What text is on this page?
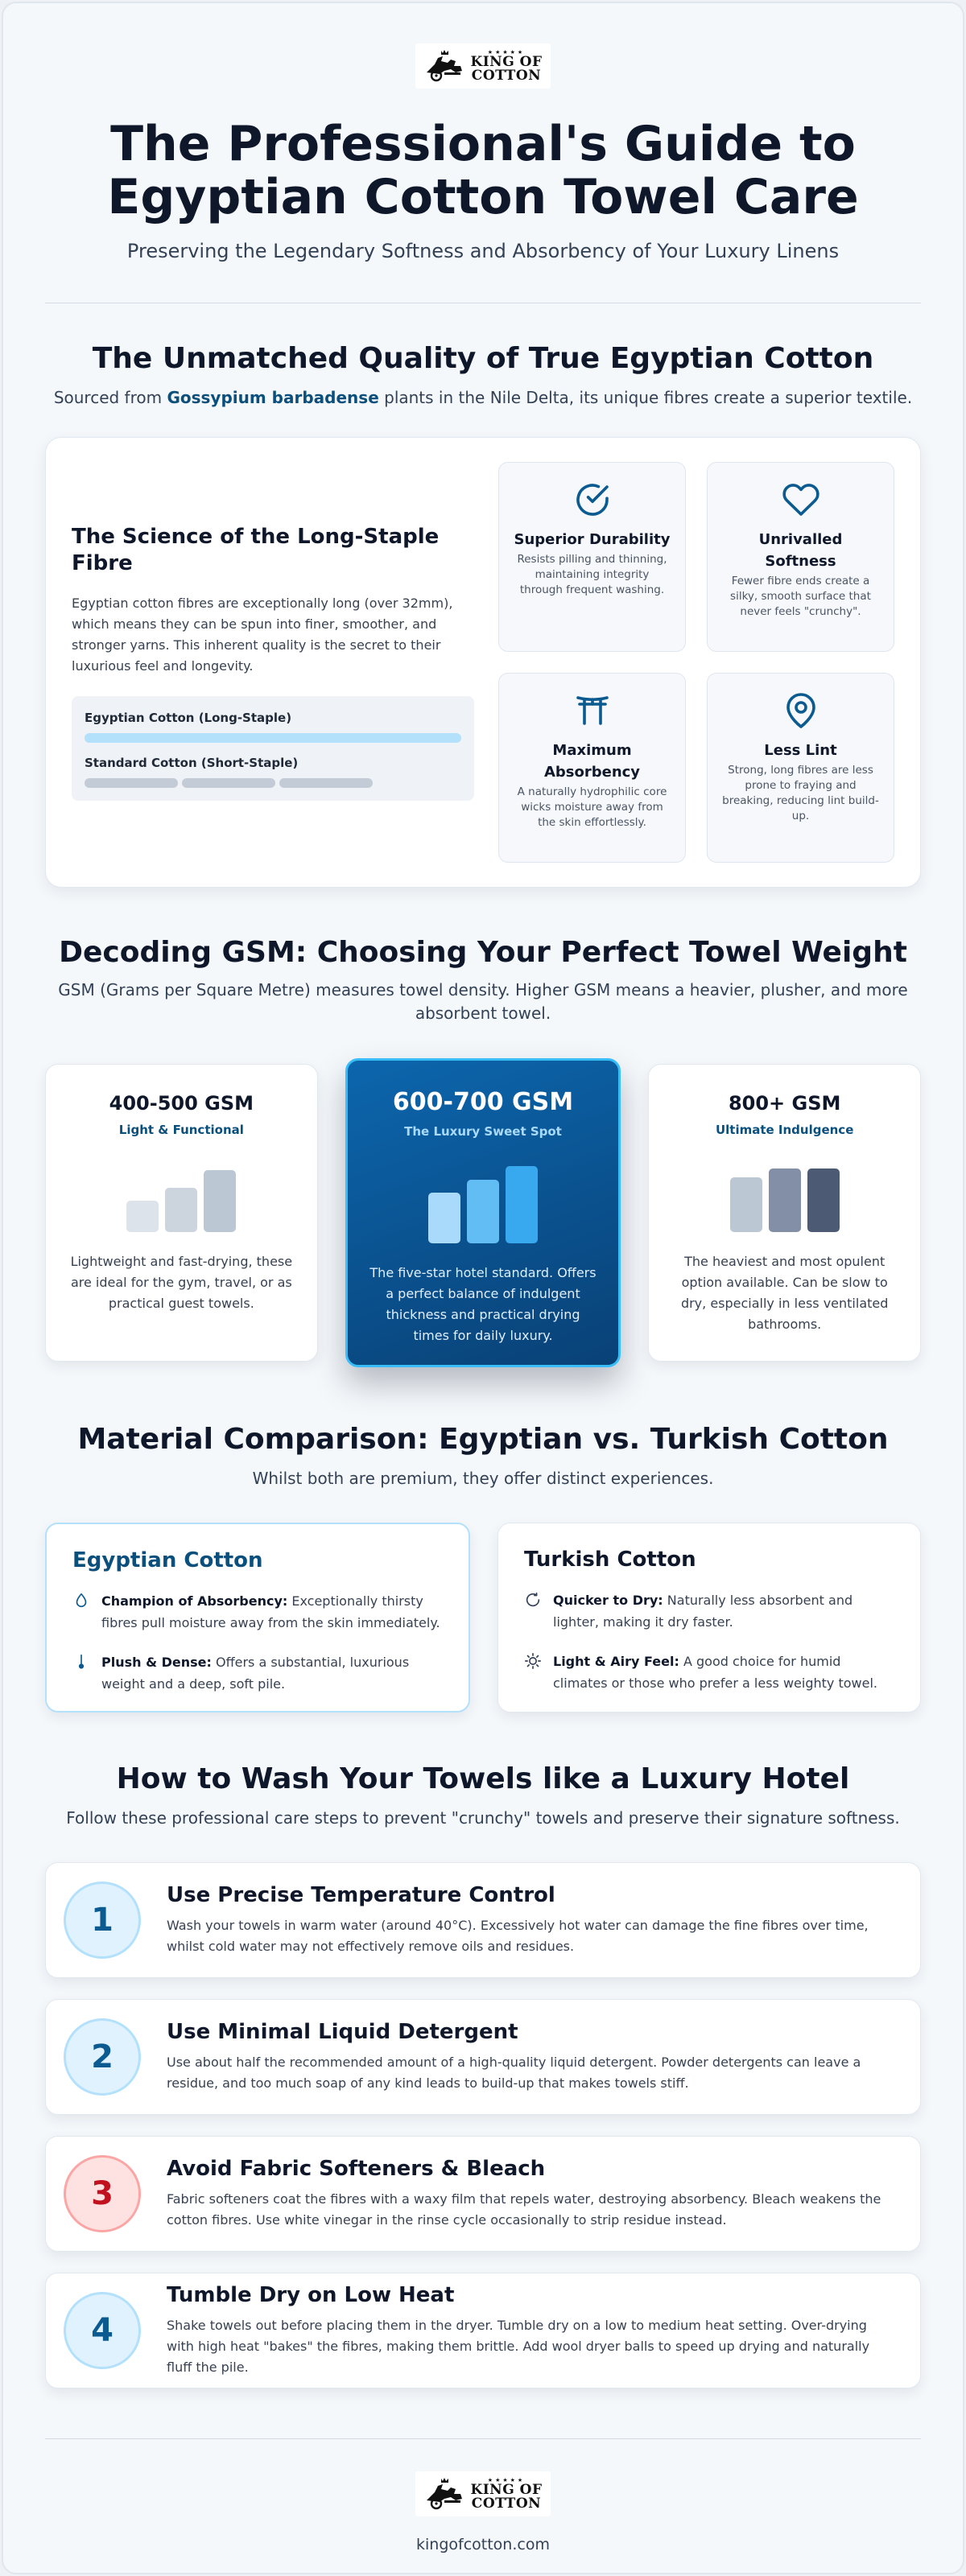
★★★★★
KING OF
COTTON
The Professional's Guide to
Egyptian Cotton Towel Care

Preserving the Legendary Softness and Absorbency of Your Luxury Linens

The Unmatched Quality of True Egyptian Cotton

Sourced from Gossypium barbadense plants in the Nile Delta, its unique fibres create a superior textile.

The Science of the Long-Staple Fibre

Egyptian cotton fibres are exceptionally long (over 32mm), which means they can be spun into finer, smoother, and stronger yarns. This inherent quality is the secret to their luxurious feel and longevity.

Egyptian Cotton (Long-Staple)
Standard Cotton (Short-Staple)
Superior Durability

Resists pilling and thinning, maintaining integrity through frequent washing.

Unrivalled Softness

Fewer fibre ends create a silky, smooth surface that never feels "crunchy".

Maximum Absorbency

A naturally hydrophilic core wicks moisture away from the skin effortlessly.

Less Lint

Strong, long fibres are less prone to fraying and breaking, reducing lint build-up.

Decoding GSM: Choosing Your Perfect Towel Weight

GSM (Grams per Square Metre) measures towel density. Higher GSM means a heavier, plusher, and more absorbent towel.

400-500 GSM
Light & Functional

Lightweight and fast-drying, these are ideal for the gym, travel, or as practical guest towels.

600-700 GSM
The Luxury Sweet Spot

The five-star hotel standard. Offers a perfect balance of indulgent thickness and practical drying times for daily luxury.

800+ GSM
Ultimate Indulgence

The heaviest and most opulent option available. Can be slow to dry, especially in less ventilated bathrooms.

Material Comparison: Egyptian vs. Turkish Cotton

Whilst both are premium, they offer distinct experiences.

Egyptian Cotton
Champion of Absorbency: Exceptionally thirsty fibres pull moisture away from the skin immediately.
Plush & Dense: Offers a substantial, luxurious weight and a deep, soft pile.
Turkish Cotton
Quicker to Dry: Naturally less absorbent and lighter, making it dry faster.
Light & Airy Feel: A good choice for humid climates or those who prefer a less weighty towel.
How to Wash Your Towels like a Luxury Hotel

Follow these professional care steps to prevent "crunchy" towels and preserve their signature softness.

1
Use Precise Temperature Control

Wash your towels in warm water (around 40°C). Excessively hot water can damage the fine fibres over time, whilst cold water may not effectively remove oils and residues.

2
Use Minimal Liquid Detergent

Use about half the recommended amount of a high-quality liquid detergent. Powder detergents can leave a residue, and too much soap of any kind leads to build-up that makes towels stiff.

3
Avoid Fabric Softeners & Bleach

Fabric softeners coat the fibres with a waxy film that repels water, destroying absorbency. Bleach weakens the cotton fibres. Use white vinegar in the rinse cycle occasionally to strip residue instead.

4
Tumble Dry on Low Heat

Shake towels out before placing them in the dryer. Tumble dry on a low to medium heat setting. Over-drying with high heat "bakes" the fibres, making them brittle. Add wool dryer balls to speed up drying and naturally fluff the pile.

★★★★★
KING OF
COTTON

kingofcotton.com
